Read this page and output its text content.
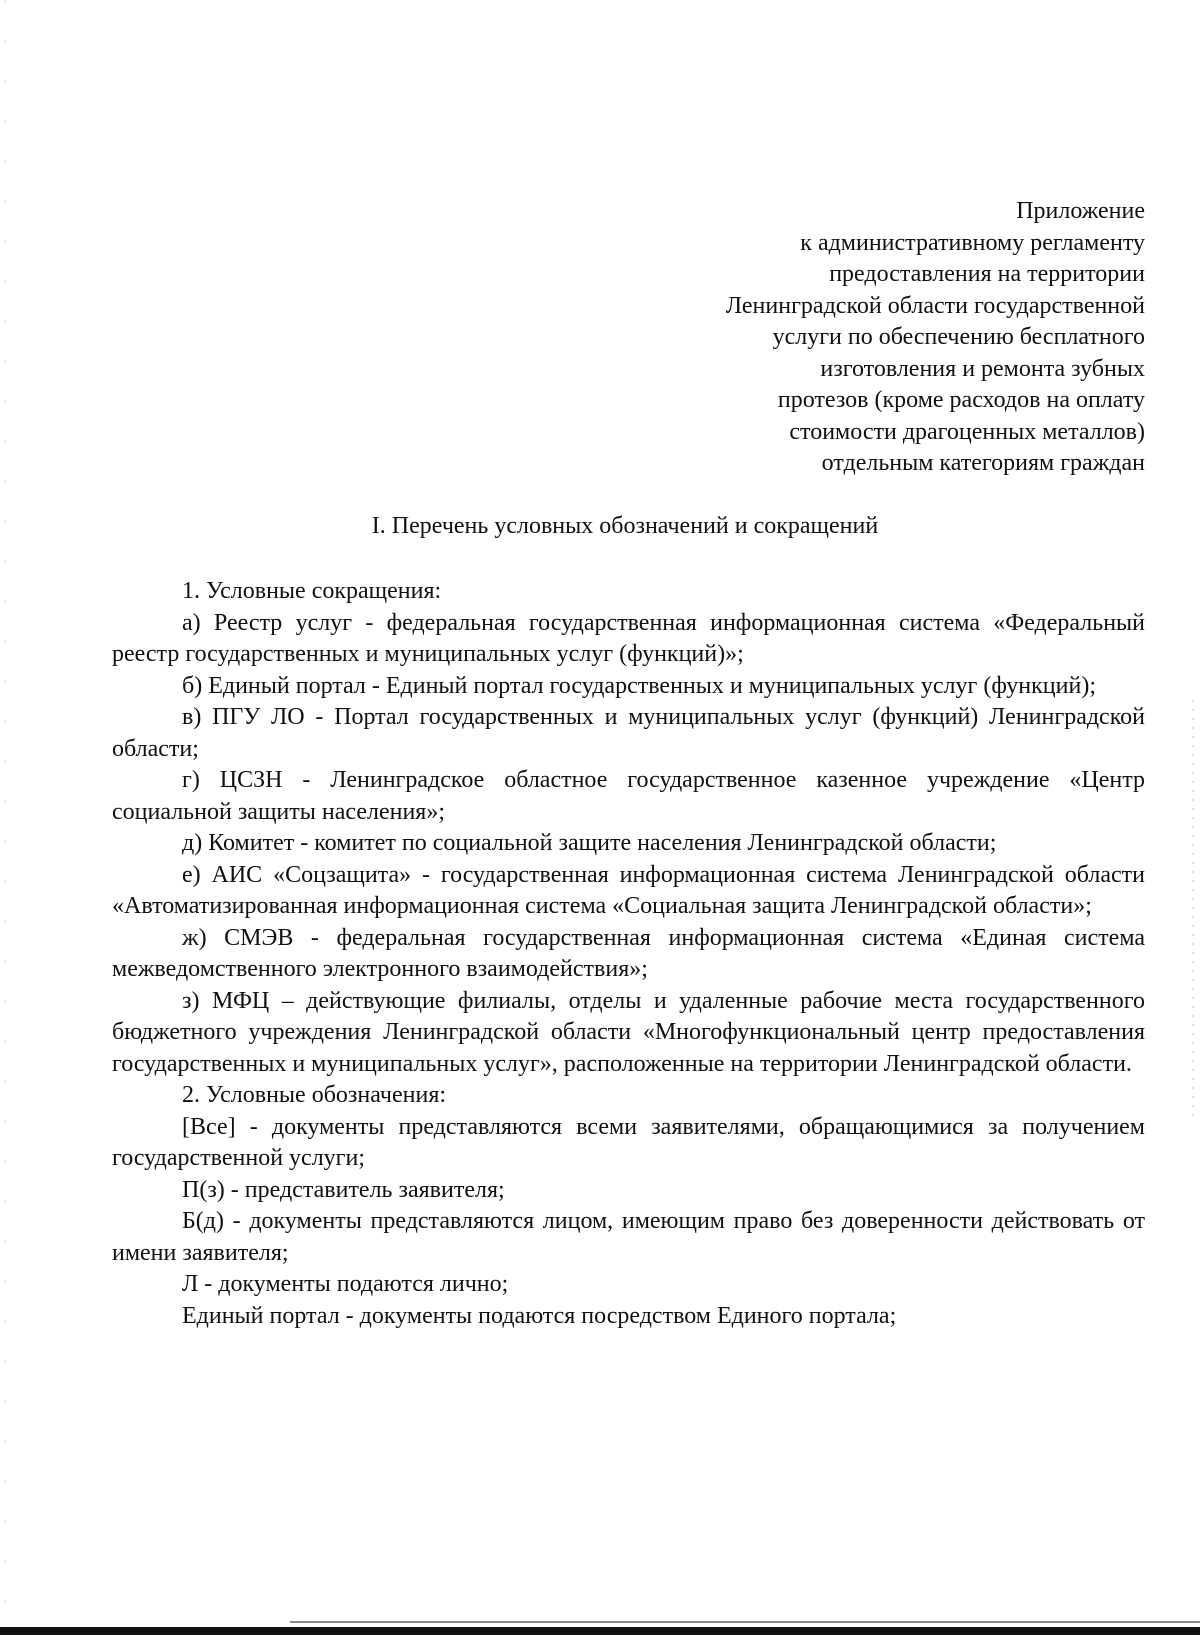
Приложение
к административному регламенту
предоставления на территории
Ленинградской области государственной
услуги по обеспечению бесплатного
изготовления и ремонта зубных
протезов (кроме расходов на оплату
стоимости драгоценных металлов)
отдельным категориям граждан
I. Перечень условных обозначений и сокращений

1. Условные сокращения:

а) Реестр услуг - федеральная государственная информационная система «Федеральный реестр государственных и муниципальных услуг (функций)»;

б) Единый портал - Единый портал государственных и муниципальных услуг (функций);

в) ПГУ ЛО - Портал государственных и муниципальных услуг (функций) Ленинградской области;

г) ЦСЗН - Ленинградское областное государственное казенное учреждение «Центр социальной защиты населения»;

д) Комитет - комитет по социальной защите населения Ленинградской области;

е) АИС «Соцзащита» - государственная информационная система Ленинградской области «Автоматизированная информационная система «Социальная защита Ленинградской области»;

ж) СМЭВ - федеральная государственная информационная система «Единая система межведомственного электронного взаимодействия»;

з) МФЦ – действующие филиалы, отделы и удаленные рабочие места государственного бюджетного учреждения Ленинградской области «Многофункциональный центр предоставления государственных и муниципальных услуг», расположенные на территории Ленинградской области.

2. Условные обозначения:

[Все] - документы представляются всеми заявителями, обращающимися за получением государственной услуги;

П(з) - представитель заявителя;

Б(д) - документы представляются лицом, имеющим право без доверенности действовать от имени заявителя;

Л - документы подаются лично;

Единый портал - документы подаются посредством Единого портала;
